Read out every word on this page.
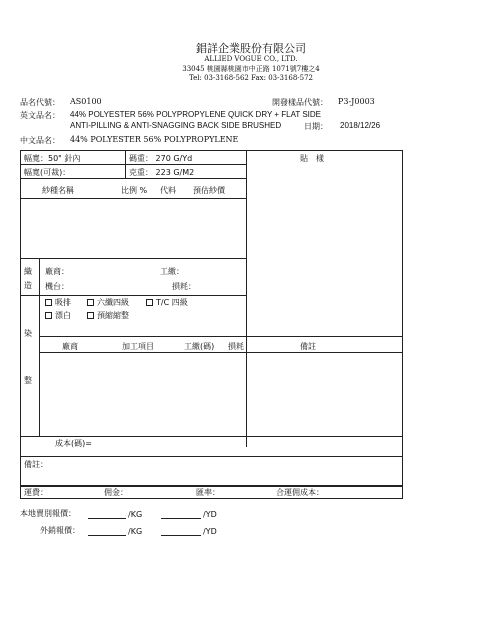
錩詳企業股份有限公司
ALLIED VOGUE CO., LTD.
33045 桃園縣桃園市中正路 1071號7樓之4
Tel: 03-3168-562 Fax: 03-3168-572
品名代號： AS0100	開發樣品代號： P3-J0003
英文品名： 44% POLYESTER 56% POLYPROPYLENE QUICK DRY + FLAT SIDE
ANTI-PILLING & ANTI-SNAGGING BACK SIDE BRUSHED	日期： 2018/12/26
中文品名： 44% POLYESTER 56% POLYPROPYLENE
幅寬：50" 針內	碼重： 270 G/Yd	貼　樣
幅寬(可裁)：	克重： 223 G/M2
紗種名稱	比例 % 代料 預估紗價
織
造
廠商：	工繳：
機台：	損耗：
吸排	六纖四級	T/C 四級
漂白	預縮縮整
染
整
廠商	加工項目	工繳(碼) 損耗	備註
成本(碼)=
備註：
運費：	佣金：	匯率：	合運佣成本：
本地賣別報價：	/KG	/YD
外銷報價：	/KG	/YD
